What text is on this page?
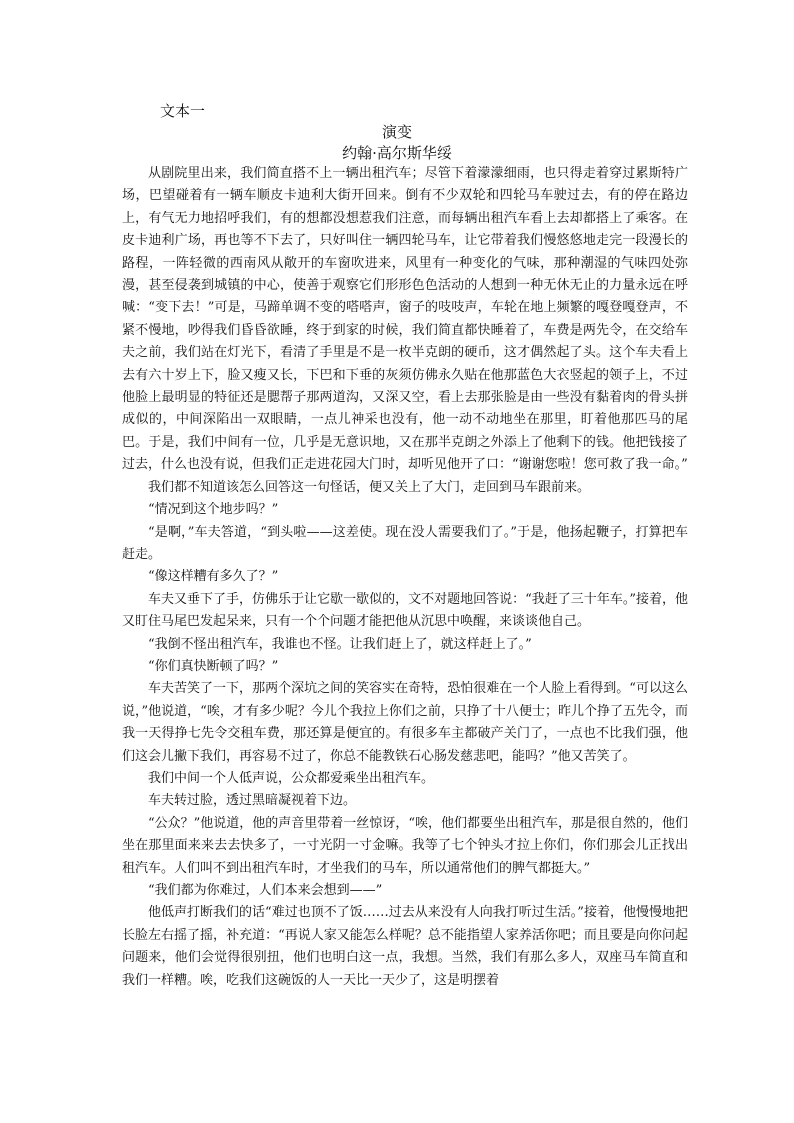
文本一
演变
约翰·高尔斯华绥

从剧院里出来，我们简直搭不上一辆出租汽车；尽管下着濛濛细雨，也只得走着穿过累斯特广场，巴望碰着有一辆车顺皮卡迪利大街开回来。倒有不少双轮和四轮马车驶过去，有的停在路边上，有气无力地招呼我们，有的想都没想惹我们注意，而每辆出租汽车看上去却都搭上了乘客。在皮卡迪利广场，再也等不下去了，只好叫住一辆四轮马车，让它带着我们慢悠悠地走完一段漫长的路程，一阵轻微的西南风从敞开的车窗吹进来，风里有一种变化的气味，那种潮湿的气味四处弥漫，甚至侵袭到城镇的中心，使善于观察它们形形色色活动的人想到一种无休无止的力量永远在呼喊：“变下去！”可是，马蹄单调不变的嗒嗒声，窗子的吱吱声，车轮在地上频繁的嘎登嘎登声，不紧不慢地，吵得我们昏昏欲睡，终于到家的时候，我们简直都快睡着了，车费是两先令，在交给车夫之前，我们站在灯光下，看清了手里是不是一枚半克朗的硬币，这才偶然起了头。这个车夫看上去有六十岁上下，脸又瘦又长，下巴和下垂的灰须仿佛永久贴在他那蓝色大衣竖起的领子上，不过他脸上最明显的特征还是腮帮子那两道沟，又深又空，看上去那张脸是由一些没有黏着肉的骨头拼成似的，中间深陷出一双眼睛，一点儿神采也没有，他一动不动地坐在那里，盯着他那匹马的尾巴。于是，我们中间有一位，几乎是无意识地，又在那半克朗之外添上了他剩下的钱。他把钱接了过去，什么也没有说，但我们正走进花园大门时，却听见他开了口：“谢谢您啦！您可救了我一命。”

我们都不知道该怎么回答这一句怪话，便又关上了大门，走回到马车跟前来。

“情况到这个地步吗？”

“是啊，”车夫答道，“到头啦——这差使。现在没人需要我们了。”于是，他扬起鞭子，打算把车赶走。

“像这样糟有多久了？”

车夫又垂下了手，仿佛乐于让它歇一歇似的，文不对题地回答说：“我赶了三十年车。”接着，他又盯住马尾巴发起呆来，只有一个个问题才能把他从沉思中唤醒，来谈谈他自己。

“我倒不怪出租汽车，我谁也不怪。让我们赶上了，就这样赶上了。”

“你们真快断顿了吗？”

车夫苦笑了一下，那两个深坑之间的笑容实在奇特，恐怕很难在一个人脸上看得到。“可以这么说，”他说道，“唉，才有多少呢？今儿个我拉上你们之前，只挣了十八便士；昨儿个挣了五先令，而我一天得挣七先令交租车费，那还算是便宜的。有很多车主都破产关门了，一点也不比我们强，他们这会儿撇下我们，再容易不过了，你总不能教铁石心肠发慈悲吧，能吗？”他又苦笑了。

我们中间一个人低声说，公众都爱乘坐出租汽车。

车夫转过脸，透过黑暗凝视着下边。

“公众？”他说道，他的声音里带着一丝惊讶，“唉，他们都要坐出租汽车，那是很自然的，他们坐在那里面来来去去快多了，一寸光阴一寸金嘛。我等了七个钟头才拉上你们，你们那会儿正找出租汽车。人们叫不到出租汽车时，才坐我们的马车，所以通常他们的脾气都挺大。”

“我们都为你难过，人们本来会想到——”

他低声打断我们的话“难过也顶不了饭……过去从来没有人向我打听过生活。”接着，他慢慢地把长脸左右摇了摇，补充道：“再说人家又能怎么样呢？总不能指望人家养活你吧；而且要是向你问起问题来，他们会觉得很别扭，他们也明白这一点，我想。当然，我们有那么多人，双座马车简直和我们一样糟。唉，吃我们这碗饭的人一天比一天少了，这是明摆着
